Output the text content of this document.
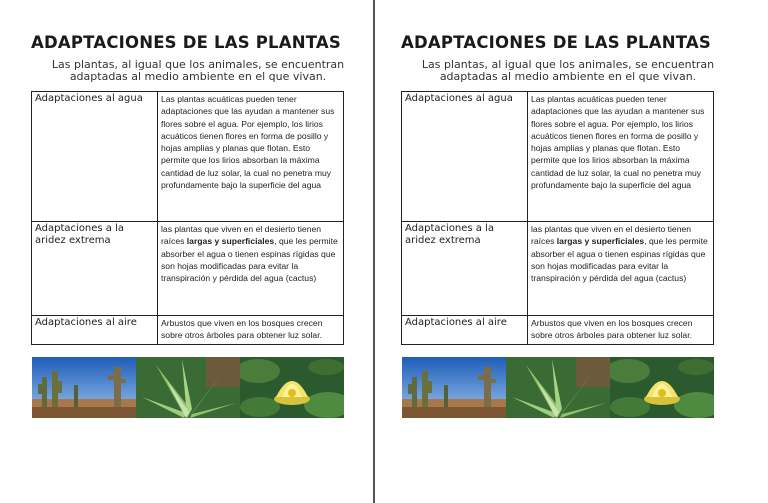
ADAPTACIONES DE LAS PLANTAS
Las plantas, al igual que los animales, se encuentran adaptadas al medio ambiente en el que vivan.
Adaptaciones al agua	Las plantas acuáticas pueden tener adaptaciones que las ayudan a mantener sus flores sobre el agua. Por ejemplo, los lirios acuáticos tienen flores en forma de posillo y hojas amplias y planas que flotan. Esto permite que los lirios absorban la máxima cantidad de luz solar, la cual no penetra muy profundamente bajo la superficie del agua
Adaptaciones a la aridez extrema	las plantas que viven en el desierto tienen raíces largas y superficiales, que les permite absorber el agua o tienen espinas rígidas que son hojas modificadas para evitar la transpiración y pérdida del agua (cactus)
Adaptaciones al aire	Arbustos que viven en los bosques crecen sobre otros árboles para obtener luz solar.
ADAPTACIONES DE LAS PLANTAS
Las plantas, al igual que los animales, se encuentran adaptadas al medio ambiente en el que vivan.
Adaptaciones al agua	Las plantas acuáticas pueden tener adaptaciones que las ayudan a mantener sus flores sobre el agua. Por ejemplo, los lirios acuáticos tienen flores en forma de posillo y hojas amplias y planas que flotan. Esto permite que los lirios absorban la máxima cantidad de luz solar, la cual no penetra muy profundamente bajo la superficie del agua
Adaptaciones a la aridez extrema	las plantas que viven en el desierto tienen raíces largas y superficiales, que les permite absorber el agua o tienen espinas rígidas que son hojas modificadas para evitar la transpiración y pérdida del agua (cactus)
Adaptaciones al aire	Arbustos que viven en los bosques crecen sobre otros árboles para obtener luz solar.
